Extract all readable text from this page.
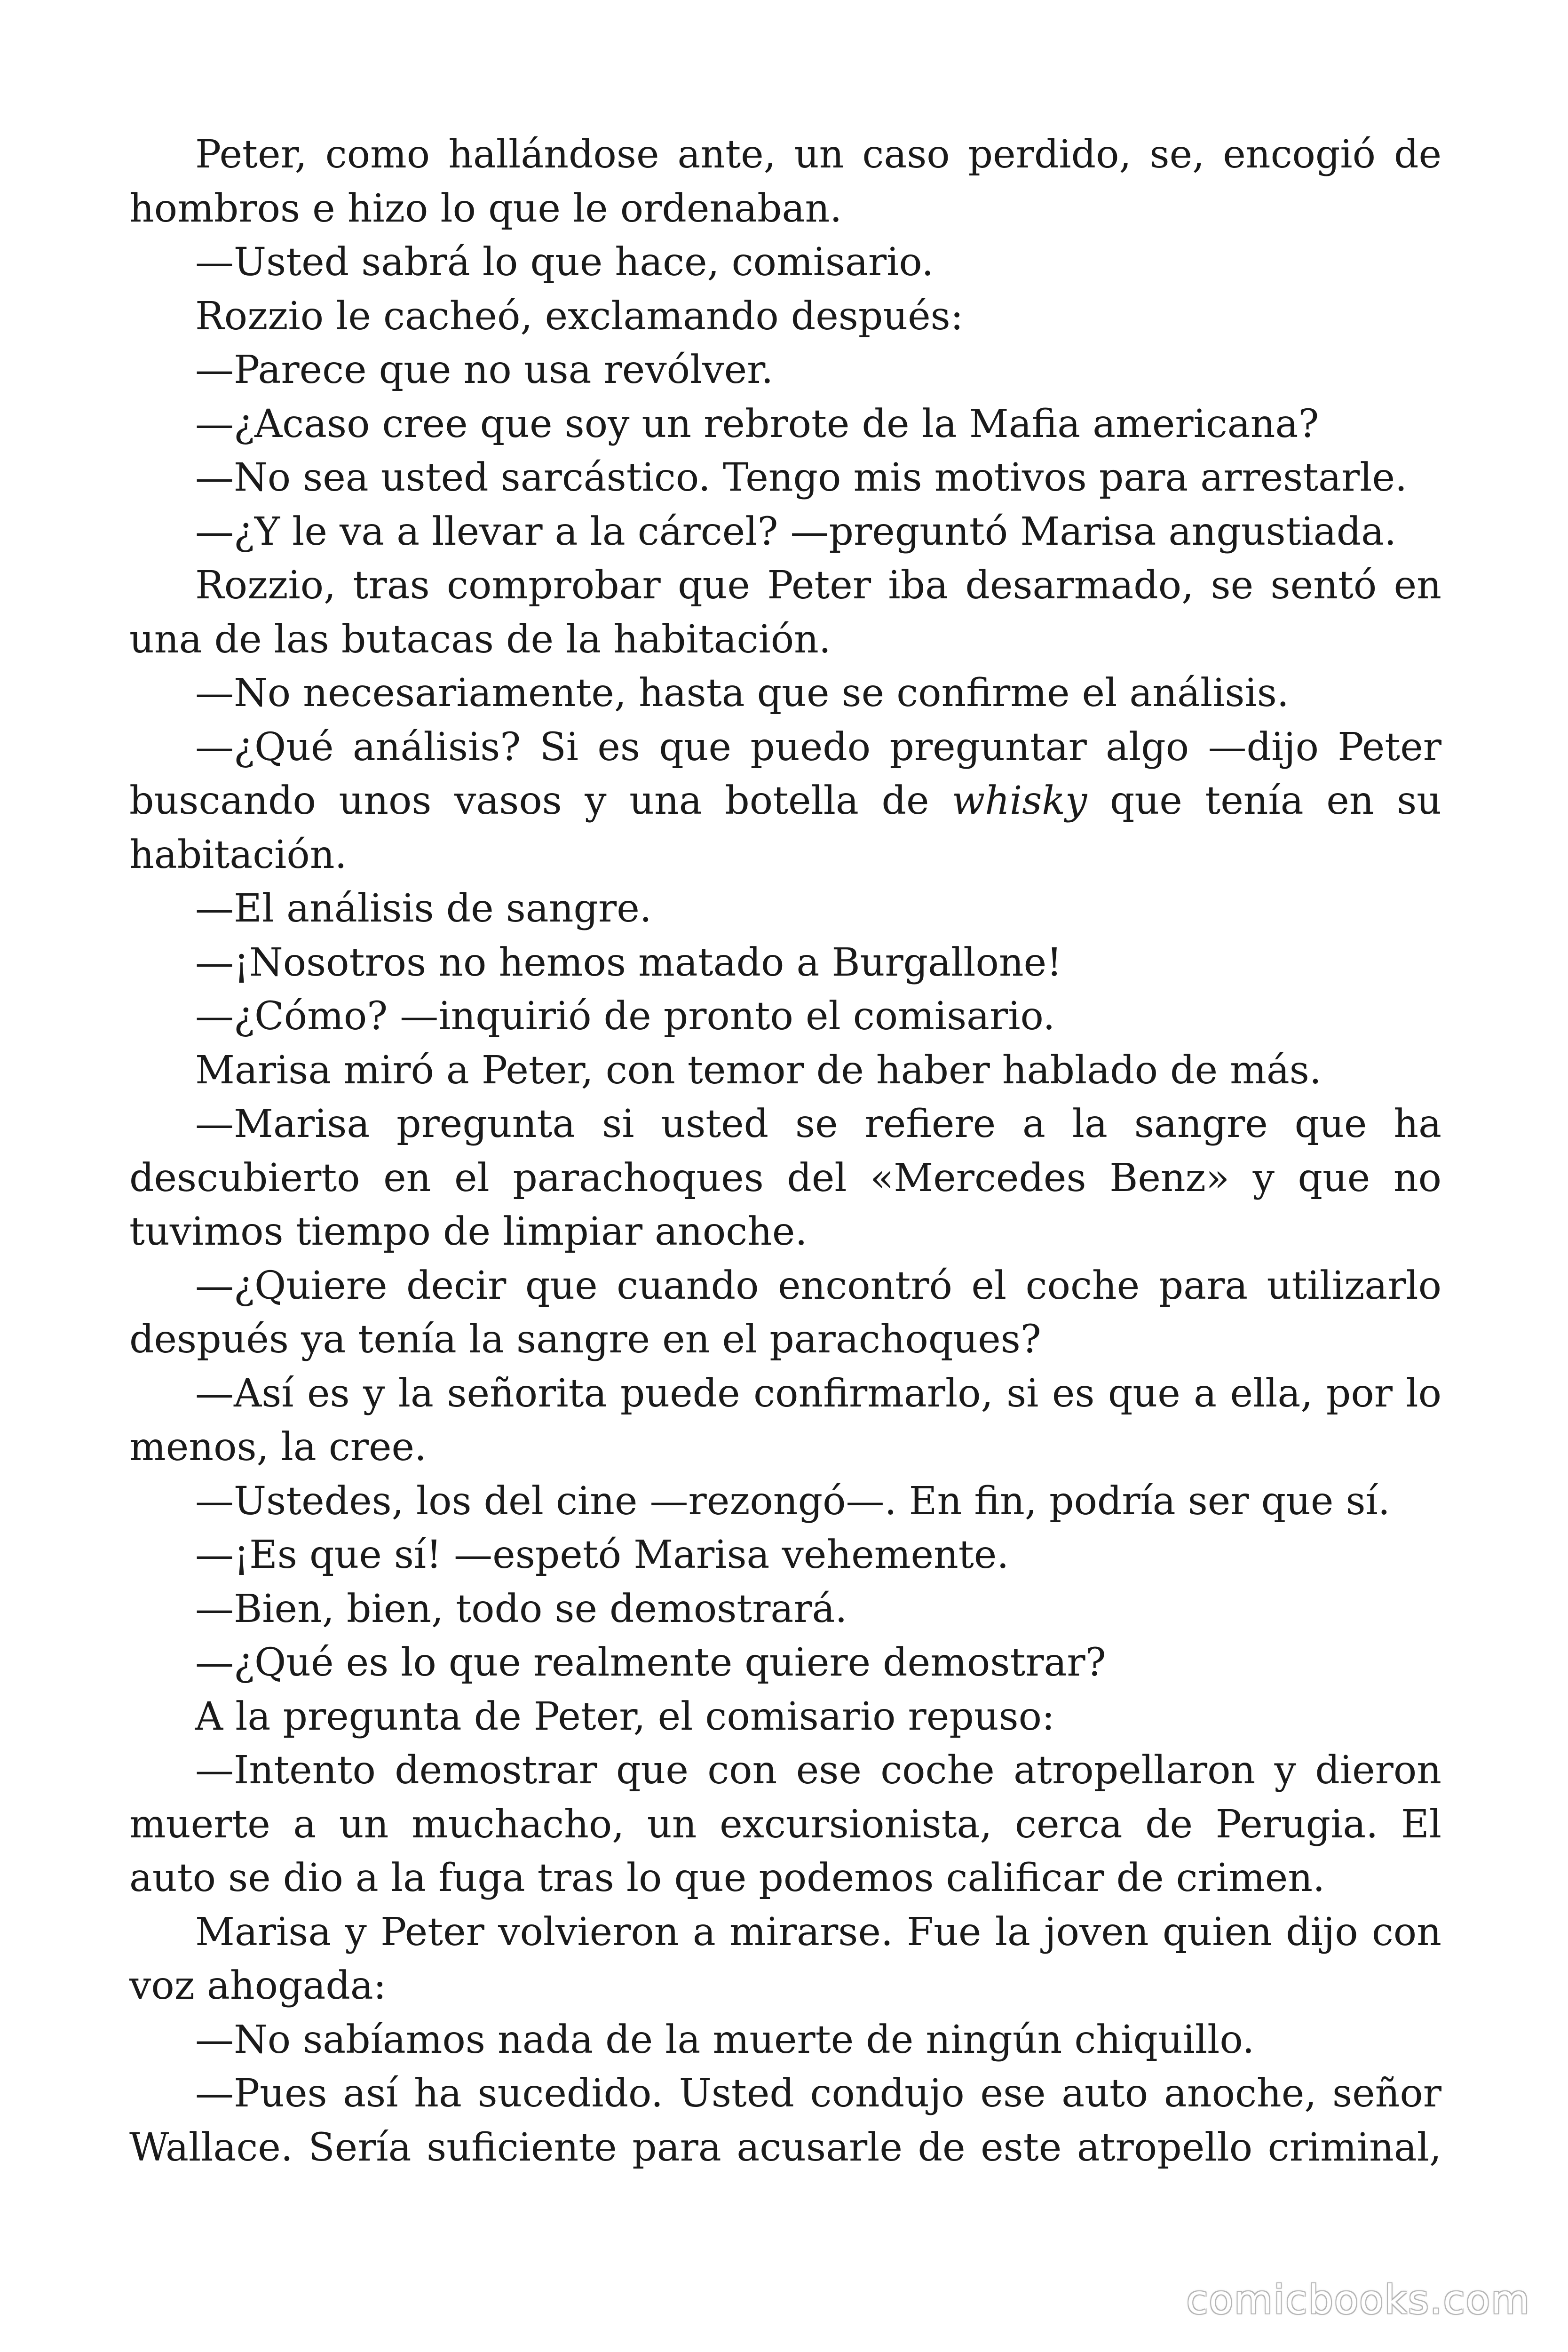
Peter, como hallándose ante, un caso perdido, se, encogió de hombros e hizo lo que le ordenaban.

—Usted sabrá lo que hace, comisario.

Rozzio le cacheó, exclamando después:

—Parece que no usa revólver.

—¿Acaso cree que soy un rebrote de la Mafia americana?

—No sea usted sarcástico. Tengo mis motivos para arrestarle.

—¿Y le va a llevar a la cárcel? —preguntó Marisa angustiada.

Rozzio, tras comprobar que Peter iba desarmado, se sentó en una de las butacas de la habitación.

—No necesariamente, hasta que se confirme el análisis.

—¿Qué análisis? Si es que puedo preguntar algo —dijo Peter buscando unos vasos y una botella de whisky que tenía en su habitación.

—El análisis de sangre.

—¡Nosotros no hemos matado a Burgallone!

—¿Cómo? —inquirió de pronto el comisario.

Marisa miró a Peter, con temor de haber hablado de más.

—Marisa pregunta si usted se refiere a la sangre que ha descubierto en el parachoques del «Mercedes Benz» y que no tuvimos tiempo de limpiar anoche.

—¿Quiere decir que cuando encontró el coche para utilizarlo después ya tenía la sangre en el parachoques?

—Así es y la señorita puede confirmarlo, si es que a ella, por lo menos, la cree.

—Ustedes, los del cine —rezongó—. En fin, podría ser que sí.

—¡Es que sí! —espetó Marisa vehemente.

—Bien, bien, todo se demostrará.

—¿Qué es lo que realmente quiere demostrar?

A la pregunta de Peter, el comisario repuso:

—Intento demostrar que con ese coche atropellaron y dieron muerte a un muchacho, un excursionista, cerca de Perugia. El auto se dio a la fuga tras lo que podemos calificar de crimen.

Marisa y Peter volvieron a mirarse. Fue la joven quien dijo con voz ahogada:

—No sabíamos nada de la muerte de ningún chiquillo.

—Pues así ha sucedido. Usted condujo ese auto anoche, señor Wallace. Sería suficiente para acusarle de este atropello criminal,

comicbooks.com
